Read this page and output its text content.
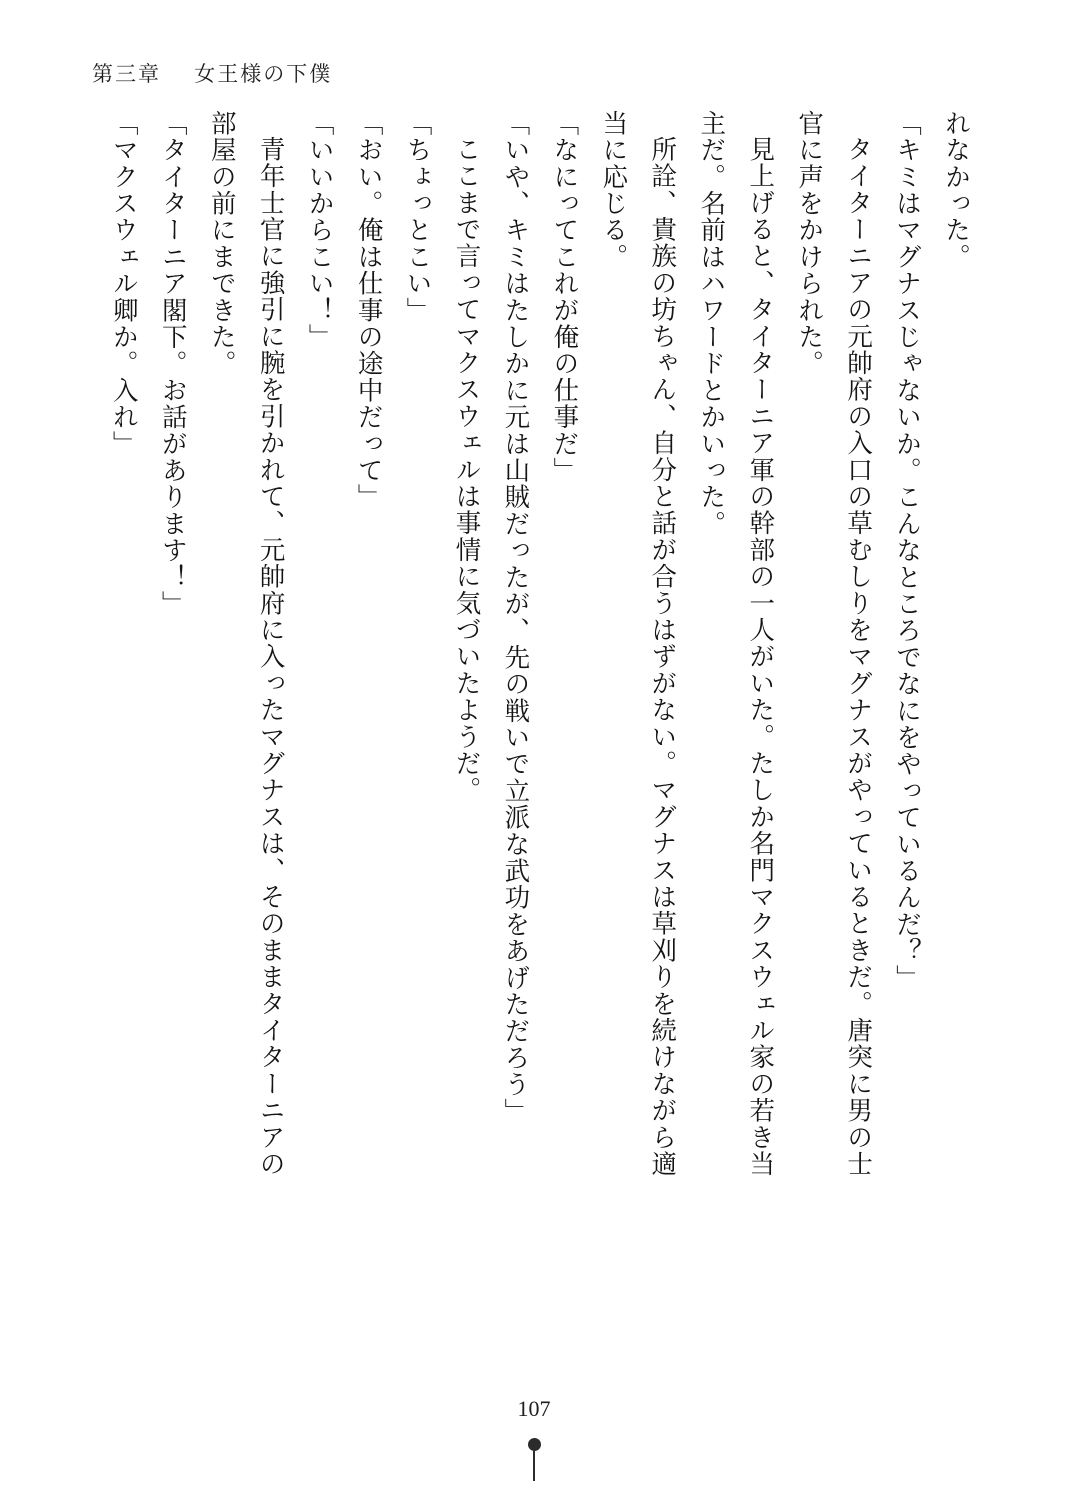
第三章 女王様の下僕

れなかった。

「キミはマグナスじゃないか。こんなところでなにをやっているんだ？」

タイターニアの元帥府の入口の草むしりをマグナスがやっているときだ。唐突に男の士

官に声をかけられた。

見上げると、タイターニア軍の幹部の一人がいた。たしか名門マクスウェル家の若き当

主だ。名前はハワードとかいった。

所詮、貴族の坊ちゃん、自分と話が合うはずがない。マグナスは草刈りを続けながら適

当に応じる。

「なにってこれが俺の仕事だ」

「いや、キミはたしかに元は山賊だったが、先の戦いで立派な武功をあげただろう」

ここまで言ってマクスウェルは事情に気づいたようだ。

「ちょっとこい」

「おい。俺は仕事の途中だって」

「いいからこい！」

青年士官に強引に腕を引かれて、元帥府に入ったマグナスは、そのままタイターニアの

部屋の前にまできた。

「タイターニア閣下。お話があります！」

「マクスウェル卿か。入れ」

107
